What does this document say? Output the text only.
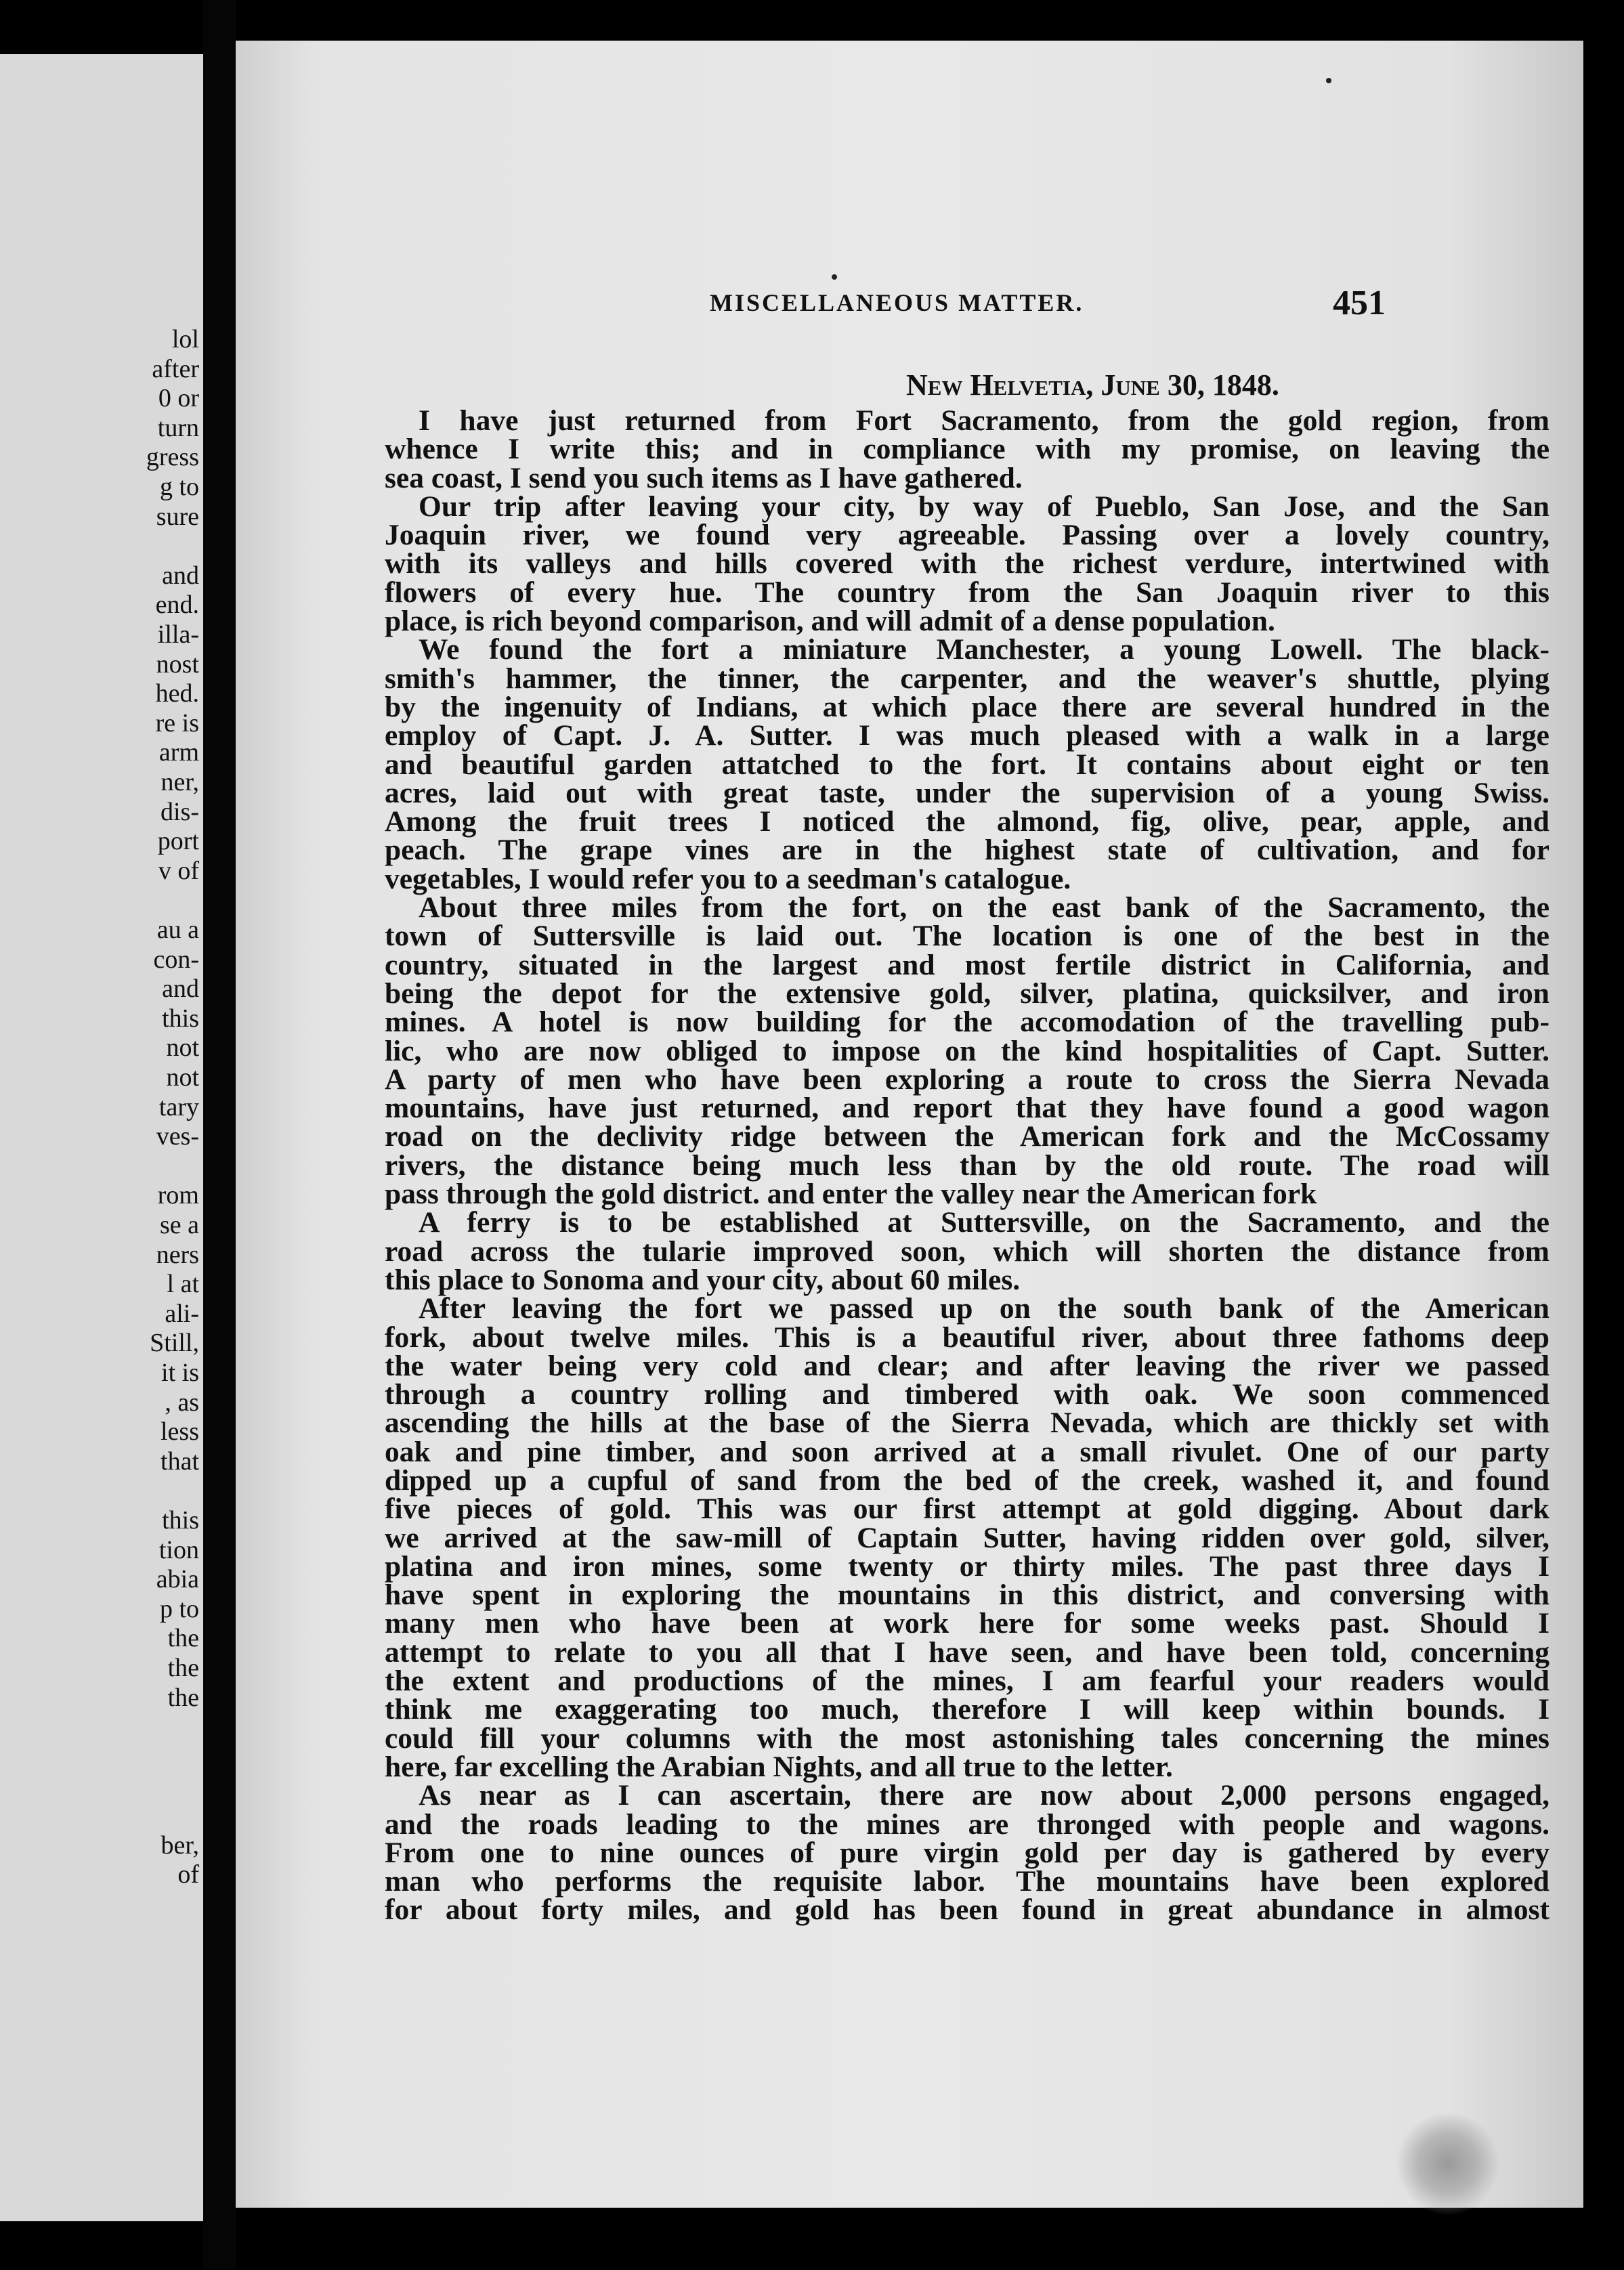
lol
after
0 or
turn
gress
g to
sure
and
end.
illa-
nost
hed.
re is
arm
ner,
dis-
port
v of
au a
con-
and
this
not
not
tary
ves-
rom
se a
ners
l at
ali-
Still,
it is
, as
less
that
this
tion
abia
p to
the
the
the
ber,
of
MISCELLANEOUS MATTER.	451
New Helvetia, June 30, 1848.
I have just returned from Fort Sacramento, from the gold region, from
whence I write this; and in compliance with my promise, on leaving the
sea coast, I send you such items as I have gathered.
Our trip after leaving your city, by way of Pueblo, San Jose, and the San
Joaquin river, we found very agreeable. Passing over a lovely country,
with its valleys and hills covered with the richest verdure, intertwined with
flowers of every hue. The country from the San Joaquin river to this
place, is rich beyond comparison, and will admit of a dense population.
We found the fort a miniature Manchester, a young Lowell. The black-
smith's hammer, the tinner, the carpenter, and the weaver's shuttle, plying
by the ingenuity of Indians, at which place there are several hundred in the
employ of Capt. J. A. Sutter. I was much pleased with a walk in a large
and beautiful garden attatched to the fort. It contains about eight or ten
acres, laid out with great taste, under the supervision of a young Swiss.
Among the fruit trees I noticed the almond, fig, olive, pear, apple, and
peach. The grape vines are in the highest state of cultivation, and for
vegetables, I would refer you to a seedman's catalogue.
About three miles from the fort, on the east bank of the Sacramento, the
town of Suttersville is laid out. The location is one of the best in the
country, situated in the largest and most fertile district in California, and
being the depot for the extensive gold, silver, platina, quicksilver, and iron
mines. A hotel is now building for the accomodation of the travelling pub-
lic, who are now obliged to impose on the kind hospitalities of Capt. Sutter.
A party of men who have been exploring a route to cross the Sierra Nevada
mountains, have just returned, and report that they have found a good wagon
road on the declivity ridge between the American fork and the McCossamy
rivers, the distance being much less than by the old route. The road will
pass through the gold district. and enter the valley near the American fork
A ferry is to be established at Suttersville, on the Sacramento, and the
road across the tularie improved soon, which will shorten the distance from
this place to Sonoma and your city, about 60 miles.
After leaving the fort we passed up on the south bank of the American
fork, about twelve miles. This is a beautiful river, about three fathoms deep
the water being very cold and clear; and after leaving the river we passed
through a country rolling and timbered with oak. We soon commenced
ascending the hills at the base of the Sierra Nevada, which are thickly set with
oak and pine timber, and soon arrived at a small rivulet. One of our party
dipped up a cupful of sand from the bed of the creek, washed it, and found
five pieces of gold. This was our first attempt at gold digging. About dark
we arrived at the saw-mill of Captain Sutter, having ridden over gold, silver,
platina and iron mines, some twenty or thirty miles. The past three days I
have spent in exploring the mountains in this district, and conversing with
many men who have been at work here for some weeks past. Should I
attempt to relate to you all that I have seen, and have been told, concerning
the extent and productions of the mines, I am fearful your readers would
think me exaggerating too much, therefore I will keep within bounds. I
could fill your columns with the most astonishing tales concerning the mines
here, far excelling the Arabian Nights, and all true to the letter.
As near as I can ascertain, there are now about 2,000 persons engaged,
and the roads leading to the mines are thronged with people and wagons.
From one to nine ounces of pure virgin gold per day is gathered by every
man who performs the requisite labor. The mountains have been explored
for about forty miles, and gold has been found in great abundance in almost
